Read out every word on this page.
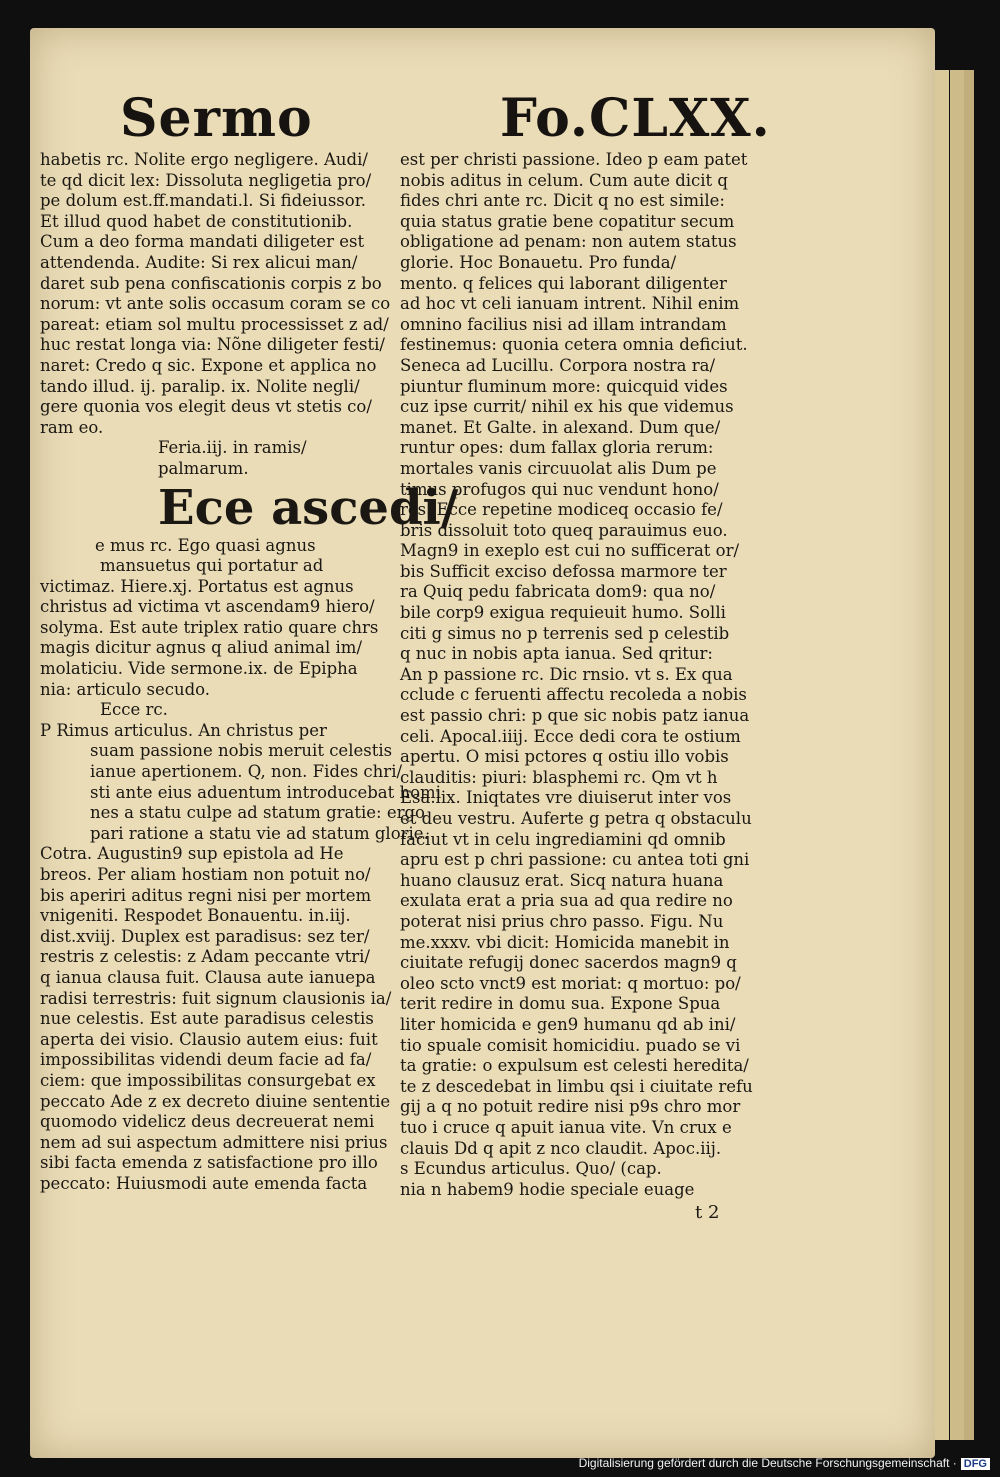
Sermo	Fo.CLXX.
habetis rc. Nolite ergo negligere. Audi/
te qd dicit lex: Dissoluta negligetia pro/
pe dolum est.ff.mandati.l. Si fideiussor.
Et illud quod habet de constitutionib.
Cum a deo forma mandati diligeter est
attendenda. Audite: Si rex alicui man/
daret sub pena confiscationis corpis z bo
norum: vt ante solis occasum coram se co
pareat: etiam sol multu processisset z ad/
huc restat longa via: Nõne diligeter festi/
naret: Credo q sic. Expone et applica no
tando illud. ij. paralip. ix. Nolite negli/
gere quonia vos elegit deus vt stetis co/
ram eo.
Feria.iij. in ramis/
palmarum.
Ece ascedi/
e mus rc. Ego quasi agnus
mansuetus qui portatur ad
victimaz. Hiere.xj. Portatus est agnus
christus ad victima vt ascendam9 hiero/
solyma. Est aute triplex ratio quare chrs
magis dicitur agnus q aliud animal im/
molaticiu. Vide sermone.ix. de Epipha
nia: articulo secudo.
Ecce rc.
P Rimus articulus. An christus per
suam passione nobis meruit celestis
ianue apertionem. Q, non. Fides chri/
sti ante eius aduentum introducebat homi
nes a statu culpe ad statum gratie: ergo
pari ratione a statu vie ad statum glorie.
Cotra. Augustin9 sup epistola ad He
breos. Per aliam hostiam non potuit no/
bis aperiri aditus regni nisi per mortem
vnigeniti. Respodet Bonauentu. in.iij.
dist.xviij. Duplex est paradisus: sez ter/
restris z celestis: z Adam peccante vtri/
q ianua clausa fuit. Clausa aute ianuepa
radisi terrestris: fuit signum clausionis ia/
nue celestis. Est aute paradisus celestis
aperta dei visio. Clausio autem eius: fuit
impossibilitas videndi deum facie ad fa/
ciem: que impossibilitas consurgebat ex
peccato Ade z ex decreto diuine sententie
quomodo videlicz deus decreuerat nemi
nem ad sui aspectum admittere nisi prius
sibi facta emenda z satisfactione pro illo
peccato: Huiusmodi aute emenda facta
est per christi passione. Ideo p eam patet
nobis aditus in celum. Cum aute dicit q
fides chri ante rc. Dicit q no est simile:
quia status gratie bene copatitur secum
obligatione ad penam: non autem status
glorie. Hoc Bonauetu. Pro funda/
mento. q felices qui laborant diligenter
ad hoc vt celi ianuam intrent. Nihil enim
omnino facilius nisi ad illam intrandam
festinemus: quonia cetera omnia deficiut.
Seneca ad Lucillu. Corpora nostra ra/
piuntur fluminum more: quicquid vides
cuz ipse currit/ nihil ex his que videmus
manet. Et Galte. in alexand. Dum que/
runtur opes: dum fallax gloria rerum:
mortales vanis circuuolat alis Dum pe
timus profugos qui nuc vendunt hono/
res. Ecce repetine modiceq occasio fe/
bris dissoluit toto queq parauimus euo.
Magn9 in exeplo est cui no sufficerat or/
bis Sufficit exciso defossa marmore ter
ra Quiq pedu fabricata dom9: qua no/
bile corp9 exigua requieuit humo. Solli
citi g simus no p terrenis sed p celestib
q nuc in nobis apta ianua. Sed qritur:
An p passione rc. Dic rnsio. vt s. Ex qua
cclude c feruenti affectu recoleda a nobis
est passio chri: p que sic nobis patz ianua
celi. Apocal.iiij. Ecce dedi cora te ostium
apertu. O misi pctores q ostiu illo vobis
clauditis: piuri: blasphemi rc. Qm vt h
Esa.lix. Iniqtates vre diuiserut inter vos
et deu vestru. Auferte g petra q obstaculu
faciut vt in celu ingrediamini qd omnib
apru est p chri passione: cu antea toti gni
huano clausuz erat. Sicq natura huana
exulata erat a pria sua ad qua redire no
poterat nisi prius chro passo. Figu. Nu
me.xxxv. vbi dicit: Homicida manebit in
ciuitate refugij donec sacerdos magn9 q
oleo scto vnct9 est moriat: q mortuo: po/
terit redire in domu sua. Expone Spua
liter homicida e gen9 humanu qd ab ini/
tio spuale comisit homicidiu. puado se vi
ta gratie: o expulsum est celesti heredita/
te z descedebat in limbu qsi i ciuitate refu
gij a q no potuit redire nisi p9s chro mor
tuo i cruce q apuit ianua vite. Vn crux e
clauis Dd q apit z nco claudit. Apoc.iij.
s Ecundus articulus. Quo/ (cap.
nia n habem9 hodie speciale euage
t 2
Digitalisierung gefördert durch die Deutsche Forschungsgemeinschaft · DFG
